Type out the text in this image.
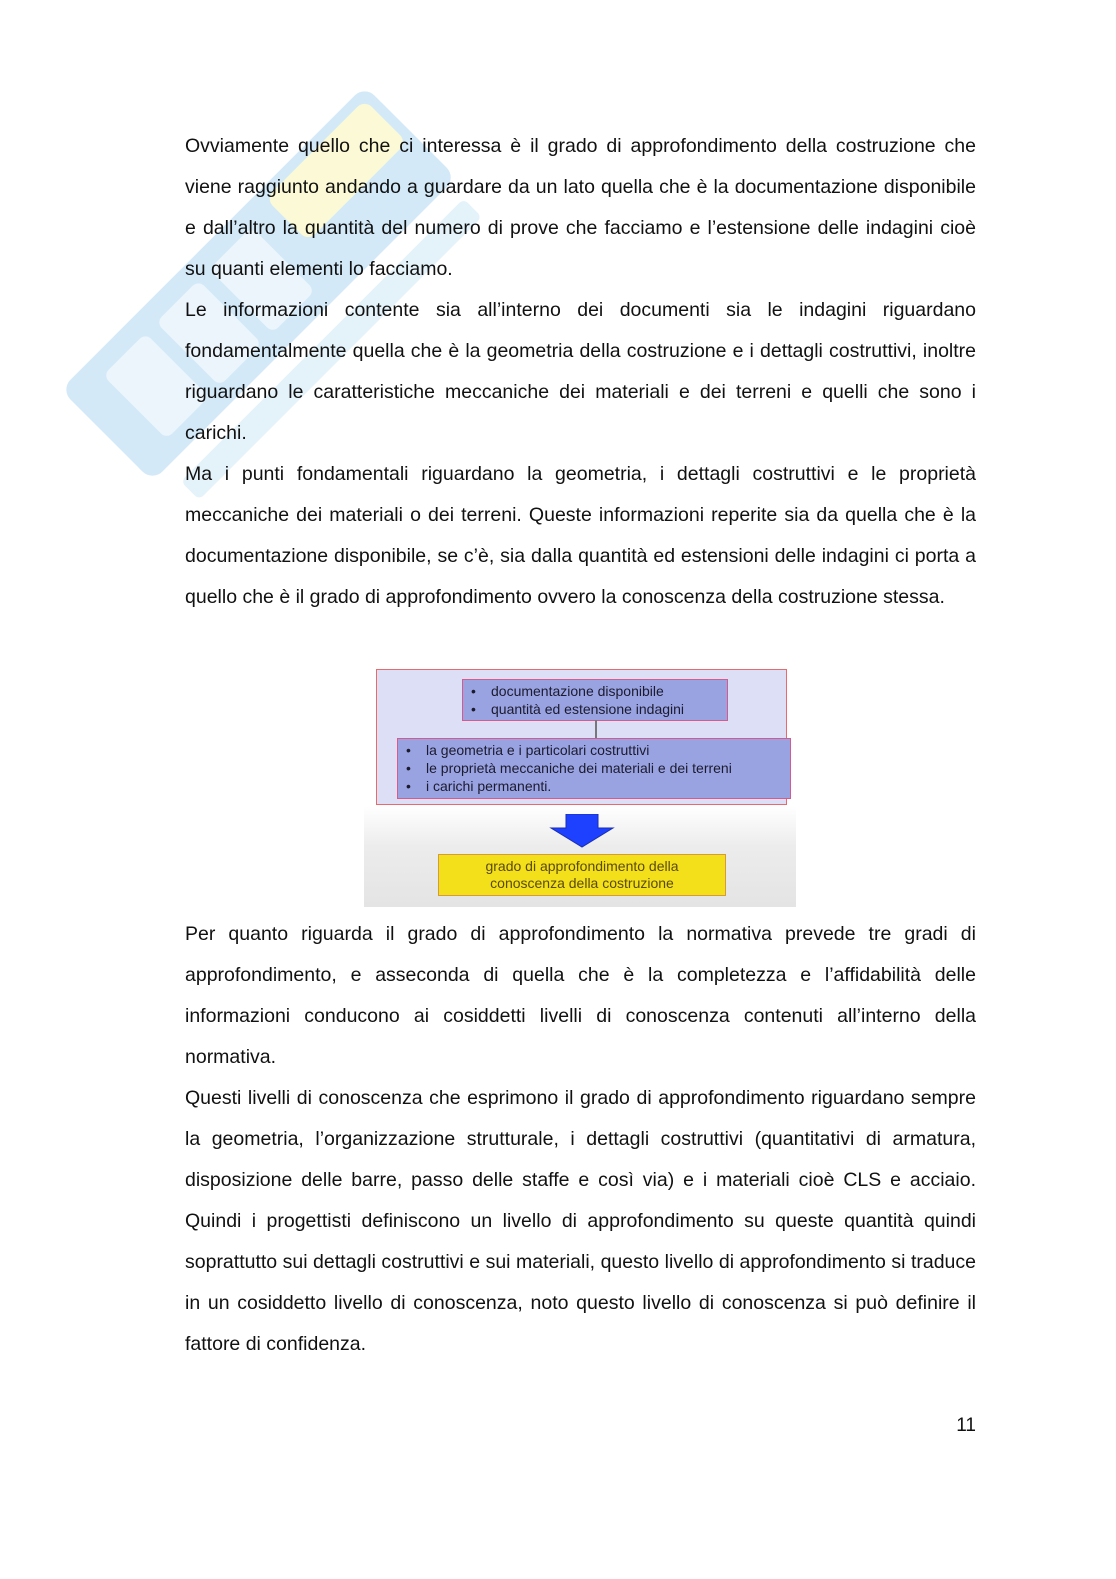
Ovviamente quello che ci interessa è il grado di approfondimento della costruzione che viene raggiunto andando a guardare da un lato quella che è la documentazione disponibile e dall’altro la quantità del numero di prove che facciamo e l’estensione delle indagini cioè su quanti elementi lo facciamo.

Le informazioni contente sia all’interno dei documenti sia le indagini riguardano fondamentalmente quella che è la geometria della costruzione e i dettagli costruttivi, inoltre riguardano le caratteristiche meccaniche dei materiali e dei terreni e quelli che sono i carichi.

Ma i punti fondamentali riguardano la geometria, i dettagli costruttivi e le proprietà meccaniche dei materiali o dei terreni. Queste informazioni reperite sia da quella che è la documentazione disponibile, se c’è, sia dalla quantità ed estensioni delle indagini ci porta a quello che è il grado di approfondimento ovvero la conoscenza della costruzione stessa.

• documentazione disponibile
• quantità ed estensione indagini
• la geometria e i particolari costruttivi
• le proprietà meccaniche dei materiali e dei terreni
• i carichi permanenti.
grado di approfondimento della
conoscenza della costruzione

Per quanto riguarda il grado di approfondimento la normativa prevede tre gradi di approfondimento, e asseconda di quella che è la completezza e l’affidabilità delle informazioni conducono ai cosiddetti livelli di conoscenza contenuti all’interno della normativa.

Questi livelli di conoscenza che esprimono il grado di approfondimento riguardano sempre la geometria, l’organizzazione strutturale, i dettagli costruttivi (quantitativi di armatura, disposizione delle barre, passo delle staffe e così via) e i materiali cioè CLS e acciaio. Quindi i progettisti definiscono un livello di approfondimento su queste quantità quindi soprattutto sui dettagli costruttivi e sui materiali, questo livello di approfondimento si traduce in un cosiddetto livello di conoscenza, noto questo livello di conoscenza si può definire il fattore di confidenza.

11
